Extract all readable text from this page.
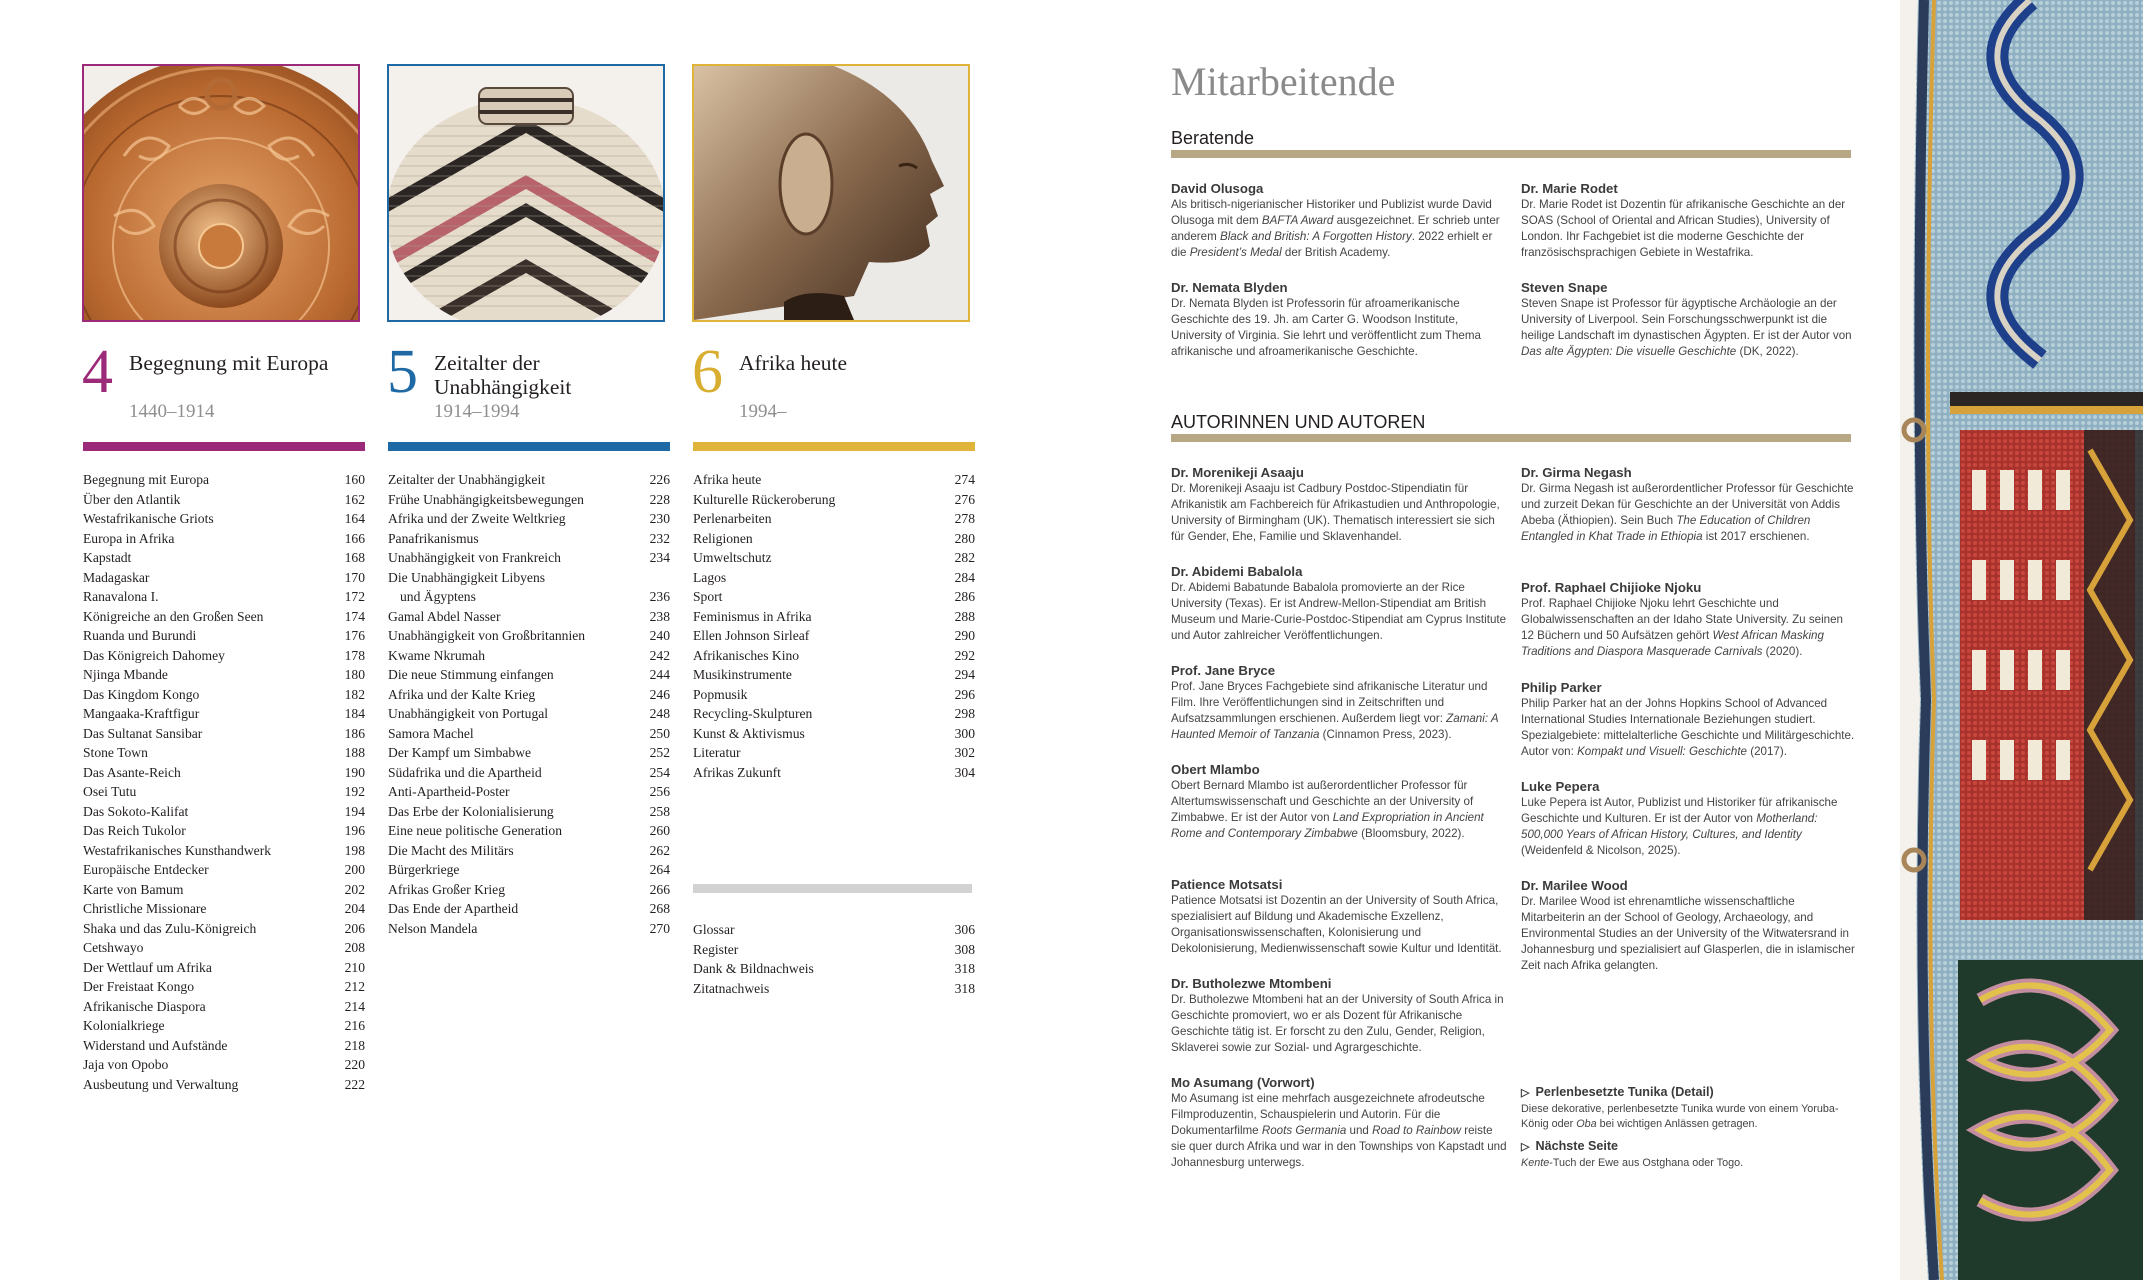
4 Begegnung mit Europa
1440–1914
5 Zeitalter der Unabhängigkeit
1914–1994
6 Afrika heute
1994–
Begegnung mit Europa	160
Über den Atlantik	162
Westafrikanische Griots	164
Europa in Afrika	166
Kapstadt	168
Madagaskar	170
Ranavalona I.	172
Königreiche an den Großen Seen	174
Ruanda und Burundi	176
Das Königreich Dahomey	178
Njinga Mbande	180
Das Kingdom Kongo	182
Mangaaka-Kraftfigur	184
Das Sultanat Sansibar	186
Stone Town	188
Das Asante-Reich	190
Osei Tutu	192
Das Sokoto-Kalifat	194
Das Reich Tukolor	196
Westafrikanisches Kunsthandwerk	198
Europäische Entdecker	200
Karte von Bamum	202
Christliche Missionare	204
Shaka und das Zulu-Königreich	206
Cetshwayo	208
Der Wettlauf um Afrika	210
Der Freistaat Kongo	212
Afrikanische Diaspora	214
Kolonialkriege	216
Widerstand und Aufstände	218
Jaja von Opobo	220
Ausbeutung und Verwaltung	222
Zeitalter der Unabhängigkeit	226
Frühe Unabhängigkeitsbewegungen	228
Afrika und der Zweite Weltkrieg	230
Panafrikanismus	232
Unabhängigkeit von Frankreich	234
Die Unabhängigkeit Libyens
und Ägyptens	236
Gamal Abdel Nasser	238
Unabhängigkeit von Großbritannien	240
Kwame Nkrumah	242
Die neue Stimmung einfangen	244
Afrika und der Kalte Krieg	246
Unabhängigkeit von Portugal	248
Samora Machel	250
Der Kampf um Simbabwe	252
Südafrika und die Apartheid	254
Anti-Apartheid-Poster	256
Das Erbe der Kolonialisierung	258
Eine neue politische Generation	260
Die Macht des Militärs	262
Bürgerkriege	264
Afrikas Großer Krieg	266
Das Ende der Apartheid	268
Nelson Mandela	270
Afrika heute	274
Kulturelle Rückeroberung	276
Perlenarbeiten	278
Religionen	280
Umweltschutz	282
Lagos	284
Sport	286
Feminismus in Afrika	288
Ellen Johnson Sirleaf	290
Afrikanisches Kino	292
Musikinstrumente	294
Popmusik	296
Recycling-Skulpturen	298
Kunst & Aktivismus	300
Literatur	302
Afrikas Zukunft	304
Glossar	306
Register	308
Dank & Bildnachweis	318
Zitatnachweis	318
Mitarbeitende
Beratende
David Olusoga
Als britisch-nigerianischer Historiker und Publizist wurde David Olusoga mit dem BAFTA Award ausgezeichnet. Er schrieb unter anderem Black and British: A Forgotten History. 2022 erhielt er die President’s Medal der British Academy.
Dr. Marie Rodet
Dr. Marie Rodet ist Dozentin für afrikanische Geschichte an der SOAS (School of Oriental and African Studies), University of London. Ihr Fachgebiet ist die moderne Geschichte der französischsprachigen Gebiete in Westafrika.
Dr. Nemata Blyden
Dr. Nemata Blyden ist Professorin für afroamerikanische Geschichte des 19. Jh. am Carter G. Woodson Institute, University of Virginia. Sie lehrt und veröffentlicht zum Thema afrikanische und afroamerikanische Geschichte.
Steven Snape
Steven Snape ist Professor für ägyptische Archäologie an der University of Liverpool. Sein Forschungsschwerpunkt ist die heilige Landschaft im dynastischen Ägypten. Er ist der Autor von Das alte Ägypten: Die visuelle Geschichte (DK, 2022).
AUTORINNEN UND AUTOREN
Dr. Morenikeji Asaaju
Dr. Morenikeji Asaaju ist Cadbury Postdoc-Stipendiatin für Afrikanistik am Fachbereich für Afrikastudien und Anthropologie, University of Birmingham (UK). Thematisch interessiert sie sich für Gender, Ehe, Familie und Sklavenhandel.
Dr. Abidemi Babalola
Dr. Abidemi Babatunde Babalola promovierte an der Rice University (Texas). Er ist Andrew-Mellon-Stipendiat am British Museum und Marie-Curie-Postdoc-Stipendiat am Cyprus Institute und Autor zahlreicher Veröffentlichungen.
Prof. Jane Bryce
Prof. Jane Bryces Fachgebiete sind afrikanische Literatur und Film. Ihre Veröffentlichungen sind in Zeitschriften und Aufsatzsammlungen erschienen. Außerdem liegt vor: Zamani: A Haunted Memoir of Tanzania (Cinnamon Press, 2023).
Obert Mlambo
Obert Bernard Mlambo ist außerordentlicher Professor für Altertumswissenschaft und Geschichte an der University of Zimbabwe. Er ist der Autor von Land Expropriation in Ancient Rome and Contemporary Zimbabwe (Bloomsbury, 2022).
Patience Motsatsi
Patience Motsatsi ist Dozentin an der University of South Africa, spezialisiert auf Bildung und Akademische Exzellenz, Organisationswissenschaften, Kolonisierung und Dekolonisierung, Medienwissenschaft sowie Kultur und Identität.
Dr. Butholezwe Mtombeni
Dr. Butholezwe Mtombeni hat an der University of South Africa in Geschichte promoviert, wo er als Dozent für Afrikanische Geschichte tätig ist. Er forscht zu den Zulu, Gender, Religion, Sklaverei sowie zur Sozial- und Agrargeschichte.
Mo Asumang (Vorwort)
Mo Asumang ist eine mehrfach ausgezeichnete afrodeutsche Filmproduzentin, Schauspielerin und Autorin. Für die Dokumentarfilme Roots Germania und Road to Rainbow reiste sie quer durch Afrika und war in den Townships von Kapstadt und Johannesburg unterwegs.
Dr. Girma Negash
Dr. Girma Negash ist außerordentlicher Professor für Geschichte und zurzeit Dekan für Geschichte an der Universität von Addis Abeba (Äthiopien). Sein Buch The Education of Children Entangled in Khat Trade in Ethiopia ist 2017 erschienen.
Prof. Raphael Chijioke Njoku
Prof. Raphael Chijioke Njoku lehrt Geschichte und Globalwissenschaften an der Idaho State University. Zu seinen 12 Büchern und 50 Aufsätzen gehört West African Masking Traditions and Diaspora Masquerade Carnivals (2020).
Philip Parker
Philip Parker hat an der Johns Hopkins School of Advanced International Studies Internationale Beziehungen studiert. Spezialgebiete: mittelalterliche Geschichte und Militärgeschichte. Autor von: Kompakt und Visuell: Geschichte (2017).
Luke Pepera
Luke Pepera ist Autor, Publizist und Historiker für afrikanische Geschichte und Kulturen. Er ist der Autor von Motherland: 500,000 Years of African History, Cultures, and Identity (Weidenfeld & Nicolson, 2025).
Dr. Marilee Wood
Dr. Marilee Wood ist ehrenamtliche wissenschaftliche Mitarbeiterin an der School of Geology, Archaeology, and Environmental Studies an der University of the Witwatersrand in Johannesburg und spezialisiert auf Glasperlen, die in islamischer Zeit nach Afrika gelangten.
▷ Perlenbesetzte Tunika (Detail)
Diese dekorative, perlenbesetzte Tunika wurde von einem Yoruba-König oder Oba bei wichtigen Anlässen getragen.
▷ Nächste Seite
Kente-Tuch der Ewe aus Ostghana oder Togo.
